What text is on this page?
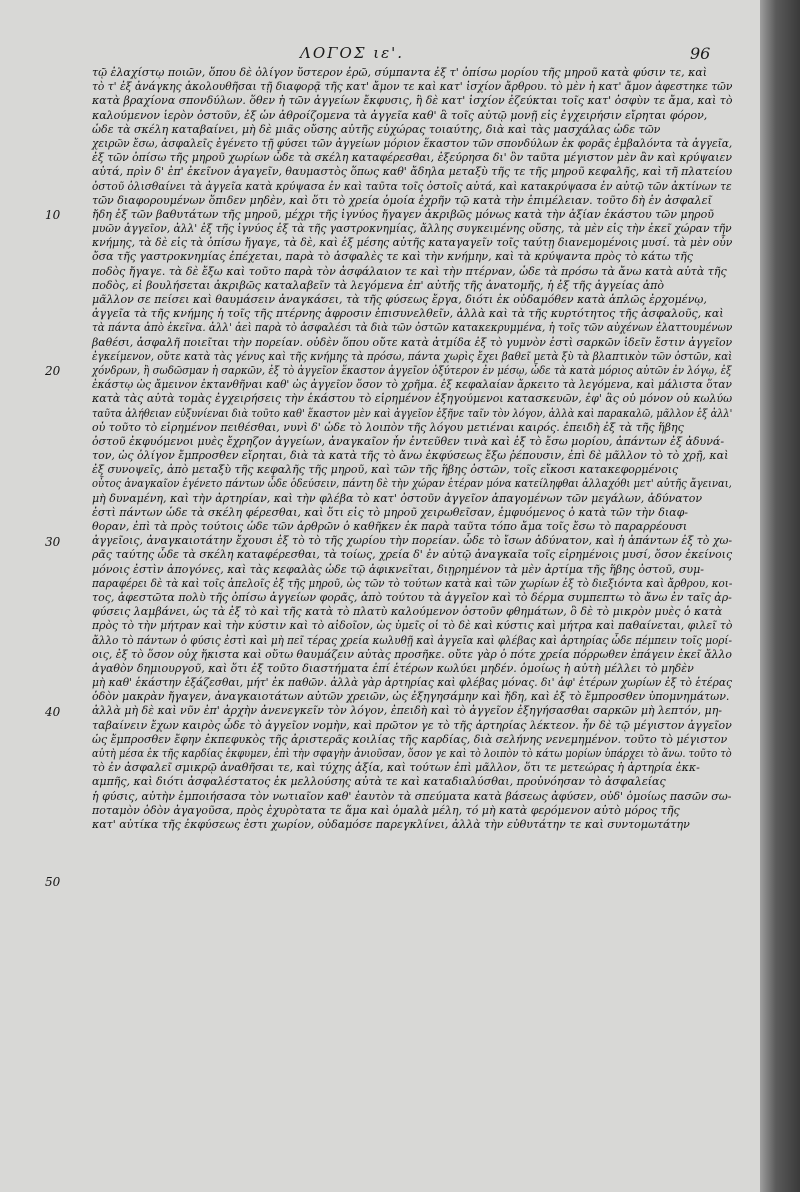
ΛΟΓΟΣ ιε'.	96
10
20
30
40
50
τῷ ἐλαχίστῳ ποιῶν, ὅπου δὲ ὀλίγον ὕστερον ἐρῶ, σύμπαντα ἐξ τ' ὀπίσω μορίου τῆς μηροῦ κατὰ φύσιν τε, καὶ
τὸ τ' ἐξ ἀνάγκης ἀκολουθῆσαι τῇ διαφορᾷ τῆς κατ' ἄμον τε καὶ κατ' ἰσχίον ἄρθρου. τὸ μὲν ἡ κατ' ἄμον ἀφεστηκε τῶν
κατὰ βραχίονα σπονδύλων. ὅθεν ἡ τῶν ἀγγείων ἔκφυσις, ἣ δὲ κατ' ἰσχίον ἐζεύκται τοῖς κατ' ὀσφὺν τε ἄμα, καὶ τὸ
καλούμενον ἱερὸν ὀστοῦν, ἐξ ὧν ἀθροίζομενα τὰ ἀγγεῖα καθ' ἃ τοῖς αὐτῷ μονῇ εἰς ἐγχειρήσιν εἴρηται φόρον,
ὧδε τὰ σκέλη καταβαίνει, μὴ δὲ μιᾶς οὔσης αὐτῆς εὐχώρας τοιαύτης, διὰ καὶ τὰς μασχάλας ὧδε τῶν
χειρῶν ἔσω, ἀσφαλεῖς ἐγένετο τῇ φύσει τῶν ἀγγείων μόριον ἕκαστον τῶν σπονδύλων ἐκ φορᾶς ἐμβαλόντα τὰ ἀγγεῖα,
ἐξ τῶν ὀπίσω τῆς μηροῦ χωρίων ὧδε τὰ σκέλη καταφέρεσθαι, ἐξεύρησα δι' ὃν ταῦτα μέγιστον μὲν ἂν καὶ κρύψαιεν
αὐτά, πρὶν δ' ἐπ' ἐκεῖνον ἀγαγεῖν, θαυμαστὸς ὅπως καθ' ἄδηλα μεταξὺ τῆς τε τῆς μηροῦ κεφαλῆς, καὶ τῆ πλατείου
ὀστοῦ ὀλισθαίνει τὰ ἀγγεῖα κατὰ κρύψασα ἐν καὶ ταῦτα τοῖς ὀστοῖς αὐτά, καὶ κατακρύψασα ἐν αὐτῷ τῶν ἀκτίνων τε
τῶν διαφορουμένων ὅπιδεν μηδὲν, καὶ ὅτι τὸ χρεία ὁμοία ἐχρῆν τῷ κατὰ τὴν ἐπιμέλειαν. τοῦτο δὴ ἐν ἀσφαλεῖ
ἤδη ἐξ τῶν βαθυτάτων τῆς μηροῦ, μέχρι τῆς ἰγνύος ἤγαγεν ἀκριβῶς μόνως κατὰ τὴν ἀξίαν ἑκάστου τῶν μηροῦ
μυῶν ἀγγεῖον, ἀλλ' ἐξ τῆς ἰγνύος ἐξ τὰ τῆς γαστροκνημίας, ἄλλης συγκειμένης οὔσης, τὰ μὲν εἰς τὴν ἐκεῖ χώραν τῆν
κνήμης, τὰ δὲ εἰς τὰ ὀπίσω ἤγαγε, τὰ δὲ, καὶ ἐξ μέσης αὐτῆς καταγαγεῖν τοῖς ταύτῃ διανεμομένοις μυσί. τὰ μὲν οὖν
ὄσα τῆς γαστροκνημίας ἐπέχεται, παρὰ τὸ ἀσφαλὲς τε καὶ τὴν κνήμην, καὶ τὰ κρύψαντα πρὸς τὸ κάτω τῆς
ποδὸς ἤγαγε. τὰ δὲ ἔξω καὶ τοῦτο παρὰ τὸν ἀσφάλαιον τε καὶ τὴν πτέρναν, ὧδε τὰ πρόσω τὰ ἄνω κατὰ αὐτὰ τῆς
ποδὸς, εἰ βουλήσεται ἀκριβῶς καταλαβεῖν τὰ λεγόμενα ἐπ' αὐτῆς τῆς ἀνατομῆς, ἡ ἐξ τῆς ἀγγείας ἀπὸ
μᾶλλον σε πείσει καὶ θαυμάσειν ἀναγκάσει, τὰ τῆς φύσεως ἔργα, διότι ἐκ οὐδαμόθεν κατὰ ἁπλῶς ἐρχομένῳ,
ἀγγεῖα τὰ τῆς κνήμης ἡ τοῖς τῆς πτέρνης ἀφροσιν ἐπισυνελθεῖν, ἀλλὰ καὶ τὰ τῆς κυρτότητος τῆς ἀσφαλοῦς, καὶ
τὰ πάντα ἀπὸ ἐκεῖνα. ἀλλ' ἀεὶ παρὰ τὸ ἀσφαλέσι τὰ διὰ τῶν ὀστῶν κατακεκρυμμένα, ἡ τοῖς τῶν αὐχένων ἐλαττουμένων
βαθέσι, ἀσφαλῆ ποιεῖται τὴν πορείαν. οὐδὲν ὅπου οὔτε κατὰ ἀτμίδα ἐξ τὸ γυμνὸν ἐστὶ σαρκῶν ἰδεῖν ἔστιν ἀγγεῖον
ἐγκείμενον, οὔτε κατὰ τὰς γένυς καὶ τῆς κνήμης τὰ πρόσω, πάντα χωρὶς ἔχει βαθεῖ μετὰ ξὺ τὰ βλαπτικὸν τῶν ὀστῶν, καὶ
χόνδρων, ἢ σωδῶσμαν ἡ σαρκῶν, ἐξ τὸ ἀγγεῖον ἕκαστον ἀγγεῖον ὀξύτερον ἐν μέσῳ, ὧδε τὰ κατὰ μόριος αὐτῶν ἐν λόγῳ, ἐξ
ἑκάστῳ ὡς ἄμεινον ἐκτανθῆναι καθ' ὡς ἀγγεῖον ὅσον τὸ χρῆμα. ἐξ κεφαλαίαν ἄρκειτο τὰ λεγόμενα, καὶ μάλιστα ὅταν
κατὰ τὰς αὐτὰ τομὰς ἐγχειρήσεις τὴν ἑκάστου τὸ εἰρημένον ἐξηγούμενοι κατασκευῶν, ἐφ' ἃς οὐ μόνον οὐ κωλύω
ταῦτα ἀλήθειαν εὐξυνίεναι διὰ τοῦτο καθ' ἕκαστον μὲν καὶ ἀγγεῖον ἐξῆνε ταῖν τὸν λόγον, ἀλλὰ καὶ παρακαλῶ, μᾶλλον ἐξ ἀλλ'
οὖ τοῦτο τὸ εἰρημένον πειθέσθαι, νυνὶ δ' ὧδε τὸ λοιπὸν τῆς λόγου μετιέναι καιρός. ἐπειδὴ ἐξ τὰ τῆς ἥβης
ὀστοῦ ἐκφυόμενοι μυὲς ἔχρηζον ἀγγείων, ἀναγκαῖον ἦν ἐντεῦθεν τινὰ καὶ ἐξ τὸ ἔσω μορίου, ἀπάντων ἐξ ἀδυνά-
τον, ὡς ὀλίγον ἔμπροσθεν εἴρηται, διὰ τὰ κατὰ τῆς τὸ ἄνω ἐκφύσεως ἔξω ῥέπουσιν, ἐπὶ δὲ μᾶλλον τὸ τὸ χρῇ, καὶ
ἐξ συνοψεῖς, ἀπὸ μεταξὺ τῆς κεφαλῆς τῆς μηροῦ, καὶ τῶν τῆς ἥβης ὀστῶν, τοῖς εἴκοσι κατακεφορμένοις
οὗτος ἀναγκαῖον ἐγένετο πάντων ὧδε ὁδεύσειν, πάντη δὲ τὴν χώραν ἑτέραν μόνα κατείληφθαι ἀλλαχόθι μετ' αὐτῆς ἄγειναι,
μὴ δυναμένη, καὶ τὴν ἀρτηρίαν, καὶ τὴν φλέβα τὸ κατ' ὀστοῦν ἀγγεῖον ἀπαγομένων τῶν μεγάλων, ἀδύνατον
ἐστὶ πάντων ὧδε τὰ σκέλη φέρεσθαι, καὶ ὅτι εἰς τὸ μηροῦ χειρωθεῖσαν, ἐμφυόμενος ὁ κατὰ τῶν τὴν διαφ-
θοραν, ἐπὶ τὰ πρὸς τούτοις ὧδε τῶν ἀρθρῶν ὁ καθῆκεν ἐκ παρὰ ταῦτα τόπο ἄμα τοῖς ἔσω τὸ παραρρέουσι
ἀγγεῖοις, ἀναγκαιοτάτην ἔχουσι ἐξ τὸ τὸ τῆς χωρίου τὴν πορείαν. ὧδε τὸ ἴσων ἀδύνατον, καὶ ἡ ἀπάντων ἐξ τὸ χω-
ρᾶς ταύτης ὧδε τὰ σκέλη καταφέρεσθαι, τὰ τοίως, χρεία δ' ἐν αὐτῷ ἀναγκαῖα τοῖς εἰρημένοις μυσί, ὅσον ἐκείνοις
μόνοις ἐστὶν ἀπογόνες, καὶ τὰς κεφαλὰς ὧδε τῷ ἀφικνεῖται, διῃρημένον τὰ μὲν ἀρτίμα τῆς ἥβης ὀστοῦ, συμ-
παραφέρει δὲ τὰ καὶ τοῖς ἀπελοῖς ἐξ τῆς μηροῦ, ὡς τῶν τὸ τούτων κατὰ καὶ τῶν χωρίων ἐξ τὸ διεξιόντα καὶ ἄρθρου, κοι-
τος, ἀφεστῶτα πολὺ τῆς ὀπίσω ἀγγείων φορᾶς, ἀπὸ τούτου τὰ ἀγγεῖον καὶ τὸ δέρμα συμπεπτω τὸ ἄνω ἐν ταῖς ἀρ-
φύσεις λαμβάνει, ὡς τὰ ἐξ τὸ καὶ τῆς κατὰ τὸ πλατὺ καλούμενον ὀστοῦν φθημάτων, ὃ δὲ τὸ μικρὸν μυὲς ὁ κατὰ
πρὸς τὸ τὴν μήτραν καὶ τὴν κύστιν καὶ τὸ αἰδοῖον, ὡς ὑμεῖς οἱ τὸ δὲ καὶ κύστις καὶ μήτρα καὶ παθαίνεται, φιλεῖ τὸ
ἄλλο τὸ πάντων ὁ φύσις ἐστὶ καὶ μὴ πεῖ τέρας χρεία κωλυθῇ καὶ ἀγγεῖα καὶ φλέβας καὶ ἀρτηρίας ὧδε πέμπειν τοῖς μορί-
οις, ἐξ τὸ ὅσον οὐχ ἥκιστα καὶ οὕτω θαυμάζειν αὐτὰς προσῆκε. οὔτε γὰρ ὁ πότε χρεία πόρρωθεν ἐπάγειν ἐκεῖ ἄλλο
ἀγαθὸν δημιουργοῦ, καὶ ὅτι ἐξ τοῦτο διαστήματα ἐπί ἑτέρων κωλύει μηδέν. ὁμοίως ἡ αὐτὴ μέλλει τὸ μηδὲν
μὴ καθ' ἑκάστην ἐξάζεσθαι, μήτ' ἐκ παθῶν. ἀλλὰ γὰρ ἀρτηρίας καὶ φλέβας μόνας. δι' ἀφ' ἑτέρων χωρίων ἐξ τὸ ἑτέρας
ὁδὸν μακρὰν ἤγαγεν, ἀναγκαιοτάτων αὐτῶν χρειῶν, ὡς ἐξηγησάμην καὶ ἤδη, καὶ ἐξ τὸ ἔμπροσθεν ὑπομνημάτων.
ἀλλὰ μὴ δὲ καὶ νῦν ἐπ' ἀρχὴν ἀνενεγκεῖν τὸν λόγον, ἐπειδὴ καὶ τὸ ἀγγεῖον ἐξηγήσασθαι σαρκῶν μὴ λεπτόν, μη-
ταβαίνειν ἔχων καιρὸς ὧδε τὸ ἀγγεῖον νομὴν, καὶ πρῶτον γε τὸ τῆς ἀρτηρίας λέκτεον. ἦν δὲ τῷ μέγιστον ἀγγεῖον
ὡς ἔμπροσθεν ἔφην ἐκπεφυκὸς τῆς ἀριστερᾶς κοιλίας τῆς καρδίας, διὰ σελήνης νενεμημένον. τοῦτο τὸ μέγιστον
αὐτὴ μέσα ἐκ τῆς καρδίας ἐκφυμεν, ἐπὶ τὴν σφαγὴν ἀνιοῦσαν, ὅσον γε καὶ τὸ λοιπὸν τὸ κάτω μορίων ὑπάρχει τὸ ἄνω. τοῦτο τὸ
τὸ ἐν ἀσφαλεῖ σμικρῷ ἀναθῆσαι τε, καὶ τύχης ἀξία, καὶ τούτων ἐπὶ μᾶλλον, ὅτι τε μετεώρας ἡ ἀρτηρία ἐκκ-
αμπῆς, καὶ διότι ἀσφαλέστατος ἐκ μελλούσης αὐτὰ τε καὶ καταδιαλύσθαι, προὐνόησαν τὸ ἀσφαλείας
ἡ φύσις, αὐτὴν ἐμποιήσασα τὸν νωτιαῖον καθ' ἑαυτὸν τὰ σπεύματα κατὰ βάσεως ἀφύσεν, οὐδ' ὁμοίως πασῶν σω-
ποταμὸν ὁδὸν ἀγαγοῦσα, πρὸς ἐχυρὸτατα τε ἅμα καὶ ὁμαλὰ μέλη, τό μὴ κατὰ φερόμενον αὐτὸ μόρος τῆς
κατ' αὐτίκα τῆς ἐκφύσεως ἐστι χωρίον, οὐδαμόσε παρεγκλίνει, ἀλλὰ τὴν εὐθυτάτην τε καὶ συντομωτάτην
